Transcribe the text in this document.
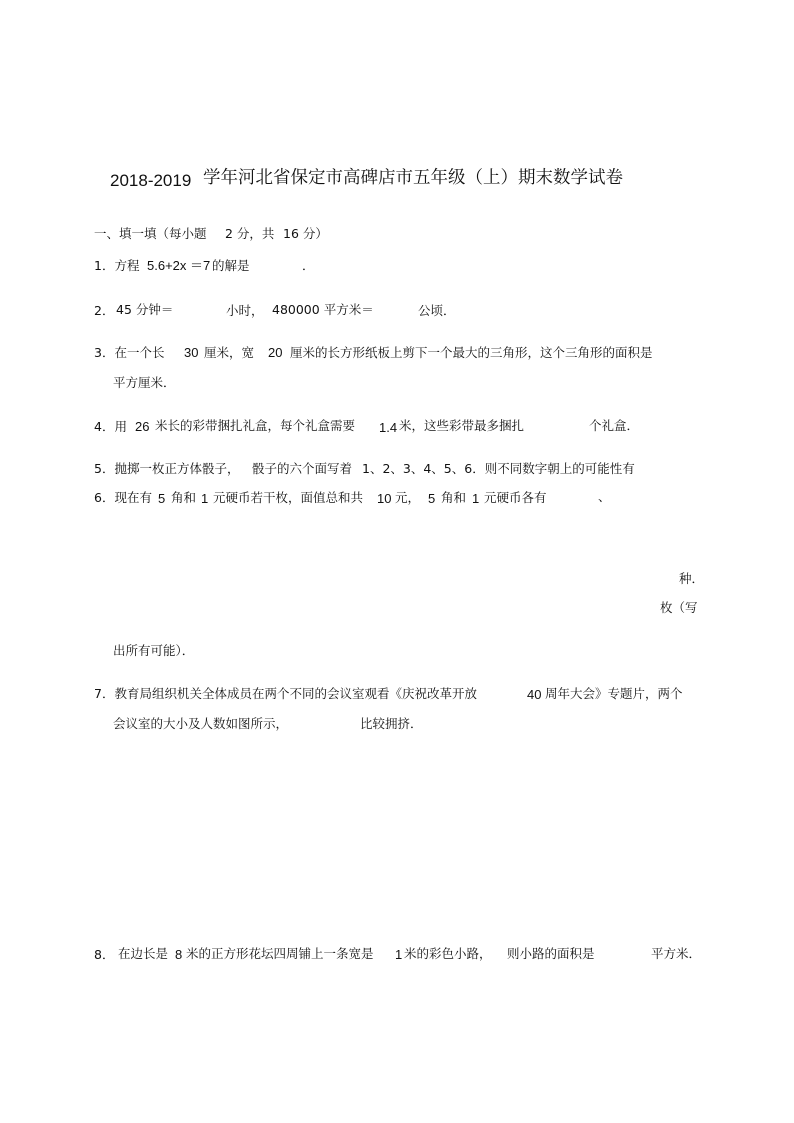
2018-2019 学年河北省保定市高碑店市五年级（上）期末数学试卷
一、填一填（每小题 2 分，共 16 分）
1．方程 5.6+2x ＝7 的解是	．
2． 45 分钟＝	小时， 480000 平方米＝	公顷．
3．在一个长 30 厘米，宽 20 厘米的长方形纸板上剪下一个最大的三角形，这个三角形的面积是
平方厘米．
4．用 26 米长的彩带捆扎礼盒，每个礼盒需要 1.4 米，这些彩带最多捆扎	个礼盒．
5．抛掷一枚正方体骰子， 骰子的六个面写着 1、2、3、4、5、6．则不同数字朝上的可能性有
6．现在有 5 角和 1 元硬币若干枚，面值总和共 10 元， 5 角和 1 元硬币各有	、
种．
枚（写
出所有可能）．
7．教育局组织机关全体成员在两个不同的会议室观看《庆祝改革开放	40 周年大会》专题片，两个
会议室的大小及人数如图所示，	比较拥挤．
8． 在边长是 8 米的正方形花坛四周铺上一条宽是 1 米的彩色小路， 则小路的面积是	平方米．
